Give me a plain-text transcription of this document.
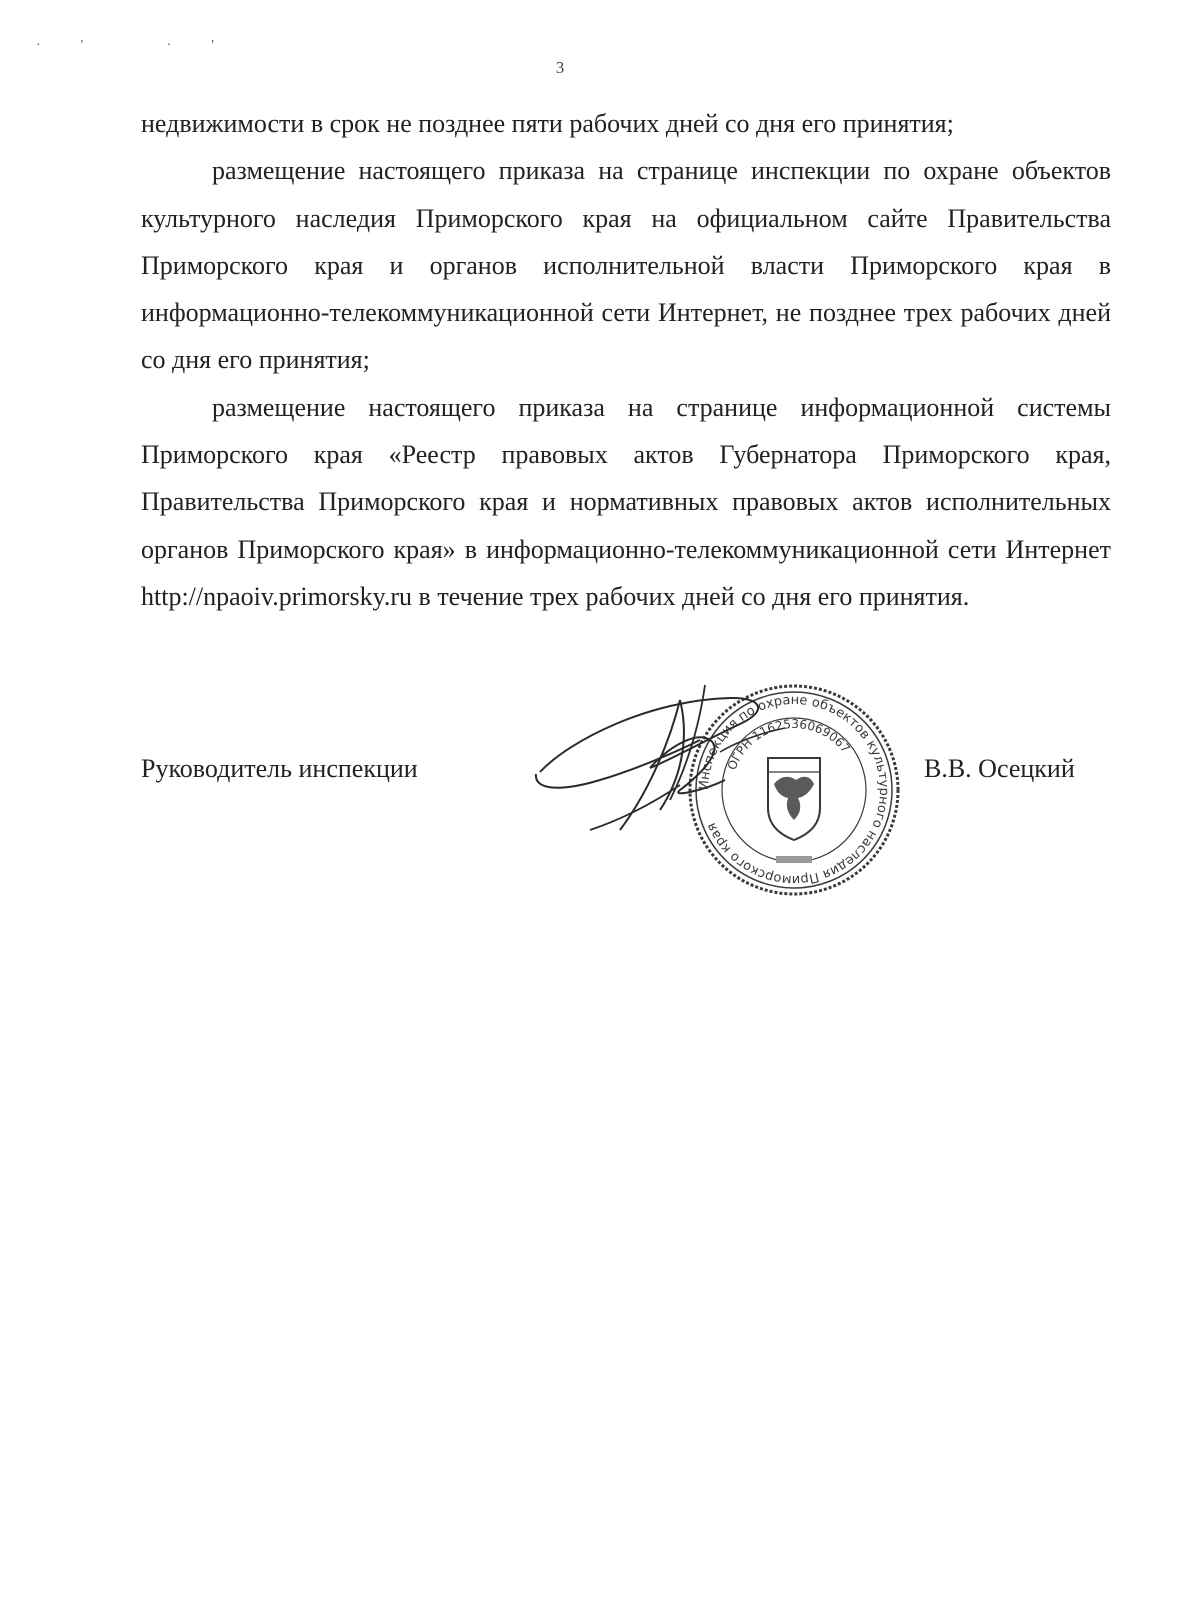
·' ·'
3

недвижимости в срок не позднее пяти рабочих дней со дня его принятия;

размещение настоящего приказа на странице инспекции по охране объектов культурного наследия Приморского края на официальном сайте Правительства Приморского края и органов исполнительной власти Приморского края в информационно-телекоммуникационной сети Интернет, не позднее трех рабочих дней со дня его принятия;

размещение настоящего приказа на странице информационной системы Приморского края «Реестр правовых актов Губернатора Приморского края, Правительства Приморского края и нормативных правовых актов исполнительных органов Приморского края» в информационно-телекоммуникационной сети Интернет http://npaoiv.primorsky.ru в течение трех рабочих дней со дня его принятия.

Руководитель инспекции
Инспекция по охране объектов культурного наследия Приморского края
ОГРН 1162536069067
В.В. Осецкий
